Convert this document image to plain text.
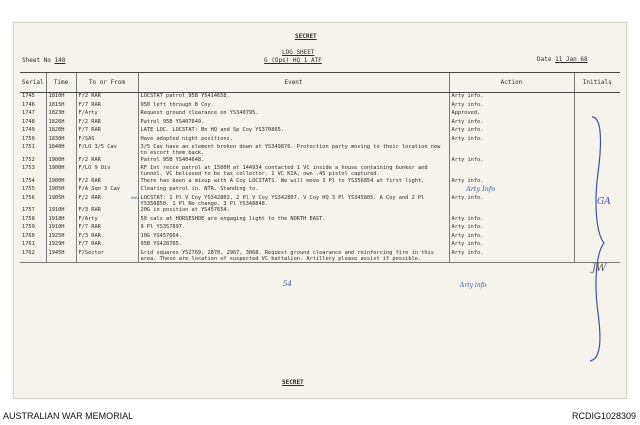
SECRET
LOG SHEET
G (Ops) HQ 1 ATF
Sheet No 148	Date 11 Jan 68
Serial	Time	To or From	Event	Action	Initials
1745	1810H	F/2 RAR	LOCSTAT patrol 95B YS414658.	Arty info.	
1746	1815H	F/7 RAR	950 left through B Coy.	Arty info.	
1747	1823H	F/Arty	Request ground clearance on YS340795.	Approved.	
1748	1826H	F/2 RAR	Patrol 95B YS407649.	Arty info.	
1749	1820H	F/7 RAR	LATE LOC. LOCSTAT: Bn HQ and Sp Coy YS370865.	Arty info.	
1750	1830H	F/SAS	Have adopted night positions.	Arty info.	
1751	1840H	F/LO 3/5 Cav	3/5 Cav have an element broken down at YS349876. Protection party moving to their location now to escort them back.		
1752	1900H	F/2 RAR	Patrol 95B YS404648.	Arty info.	
1753	1900H	F/LO 9 Div	RF Int recce patrol at 1500H at 144934 contacted 1 VC inside a house containing bunker and tunnel. VC believed to be tax collector. 1 VC KIA, own .45 pistol captured.		
1754	1900H	F/2 RAR	There has been a mixup with A Coy LOCSTATS. We will move 3 Pl to YS356854 at first light.	Arty info.	
1755	1905H	F/A Sqn 3 Cav	Clearing patrol in. NTR. Standing to.		
1756	1905H	F/2 RAR	LOCSTAT: 1 Pl V Coy YS342802, 2 Pl V Coy YS342807. V Coy HQ 3 Pl YS345805. A Coy and 2 Pl YS350850. 1 Pl No change. 3 Pl YS348848.	Arty info.	
1757	1910H	F/3 RAR	20G in position at YS457654.		
1758	1918H	F/Arty	50 cals at HORSESHOE are engaging light to the NORTH EAST.	Arty info.	
1759	1910H	F/7 RAR	9 Pl YS357897.	Arty info.	
1760	1925H	F/3 RAR	10G YS457664.	Arty info.	
1761	1929H	F/7 RAR	95B YS428705.	Arty info.	
1762	1945H	F/Sector	Grid squares YS2769, 2870, 2967, 3068. Request ground clearance and reinforcing fire in this area. These are location of suspected VC battalion. Artillery please assist if possible.	Arty info.	
GA
JW
Arty Info
Arty info
54
Bde
SECRET
AUSTRALIAN WAR MEMORIAL	RCDIG1028309
